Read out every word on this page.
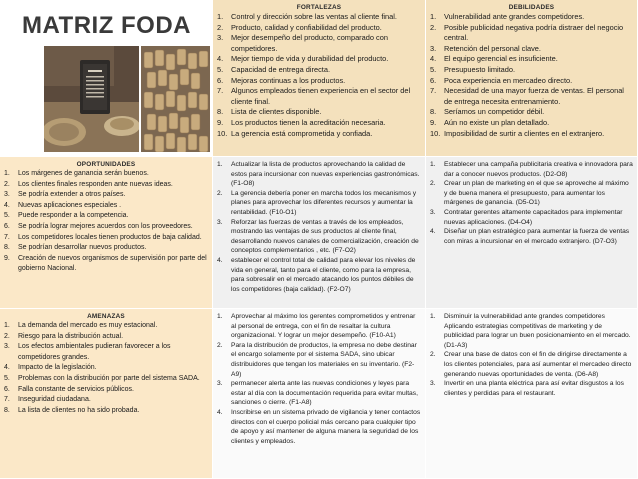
MATRIZ FODA
FORTALEZAS
1. Control y dirección sobre las ventas al cliente final.
2. Producto, calidad y confiabilidad del producto.
3. Mejor desempeño del producto, comparado con competidores.
4. Mejor tiempo de vida y durabilidad del producto.
5. Capacidad de entrega directa.
6. Mejoras continuas a los productos.
7. Algunos empleados tienen experiencia en el sector del cliente final.
8. Lista de clientes disponible.
9. Los productos tienen la acreditación necesaria.
10. La gerencia está comprometida y confiada.
DEBILIDADES
1. Vulnerabilidad ante grandes competidores.
2. Posible publicidad negativa podría distraer del negocio central.
3. Retención del personal clave.
4. El equipo gerencial es insuficiente.
5. Presupuesto limitado.
6. Poca experiencia en mercadeo directo.
7. Necesidad de una mayor fuerza de ventas. El personal de entrega necesita entrenamiento.
8. Seríamos un competidor débil.
9. Aún no existe un plan detallado.
10. Imposibilidad de surtir a clientes en el extranjero.
OPORTUNIDADES
1. Los márgenes de ganancia serán buenos.
2. Los clientes finales responden ante nuevas ideas.
3. Se podría extender a otros países.
4. Nuevas aplicaciones especiales .
5. Puede responder a la competencia.
6. Se podría lograr mejores acuerdos con los proveedores.
7. Los competidores locales tienen productos de baja calidad.
8. Se podrían desarrollar nuevos productos.
9. Creación de nuevos organismos de supervisión por parte del gobierno Nacional.
1. Actualizar la lista de productos aprovechando la calidad de estos para incursionar con nuevas experiencias gastronómicas. (F1-O8)
2. La gerencia debería poner en marcha todos los mecanismos y planes para aprovechar los diferentes recursos y aumentar la rentabilidad. (F10-O1)
3. Reforzar las fuerzas de ventas a través de los empleados, mostrando las ventajas de sus productos al cliente final, desarrollando nuevos canales de comercialización, creación de conceptos complementarios , etc. (F7-O2)
4. establecer el control total de calidad para elevar los niveles de vida en general, tanto para el cliente, como para la empresa, para sobresalir en el mercado atacando los puntos débiles de los competidores (baja calidad). (F2-O7)
1. Establecer una campaña publicitaria creativa e innovadora para dar a conocer nuevos productos. (D2-O8)
2. Crear un plan de marketing en el que se aproveche al máximo y de buena manera el presupuesto, para aumentar los márgenes de ganancia. (D5-O1)
3. Contratar gerentes altamente capacitados para implementar nuevas aplicaciones. (D4-O4)
4. Diseñar un plan estratégico para aumentar la fuerza de ventas con miras a incursionar en el mercado extranjero. (D7-O3)
AMENAZAS
1. La demanda del mercado es muy estacional.
2. Riesgo para la distribución actual.
3. Los efectos ambientales pudieran favorecer a los competidores grandes.
4. Impacto de la legislación.
5. Problemas con la distribución por parte del sistema SADA.
6. Falla constante de servicios públicos.
7. Inseguridad ciudadana.
8. La lista de clientes no ha sido probada.
1. Aprovechar al máximo los gerentes comprometidos y entrenar al personal de entrega, con el fin de resaltar la cultura organizacional. Y lograr un mejor desempeño. (F10-A1)
2. Para la distribución de productos, la empresa no debe destinar el encargo solamente por el sistema SADA, sino ubicar distribuidores que tengan los materiales en su inventario. (F2-A9)
3. permanecer alerta ante las nuevas condiciones y leyes para estar al día con la documentación requerida para evitar multas, sanciones o cierre. (F1-A8)
4. Inscribirse en un sistema privado de vigilancia y tener contactos directos con el cuerpo policial más cercano para cualquier tipo de apoyo y así mantener de alguna manera la seguridad de los clientes y empleados.
1. Disminuir la vulnerabilidad ante grandes competidores Aplicando estrategias competitivas de marketing y de publicidad para lograr un buen posicionamiento en el mercado. (D1-A3)
2. Crear una base de datos con el fin de dirigirse directamente a los clientes potenciales, para así aumentar el mercadeo directo generando nuevas oportunidades de venta. (D6-A8)
3. Invertir en una planta eléctrica para así evitar disgustos a los clientes y perdidas para el restaurant.
